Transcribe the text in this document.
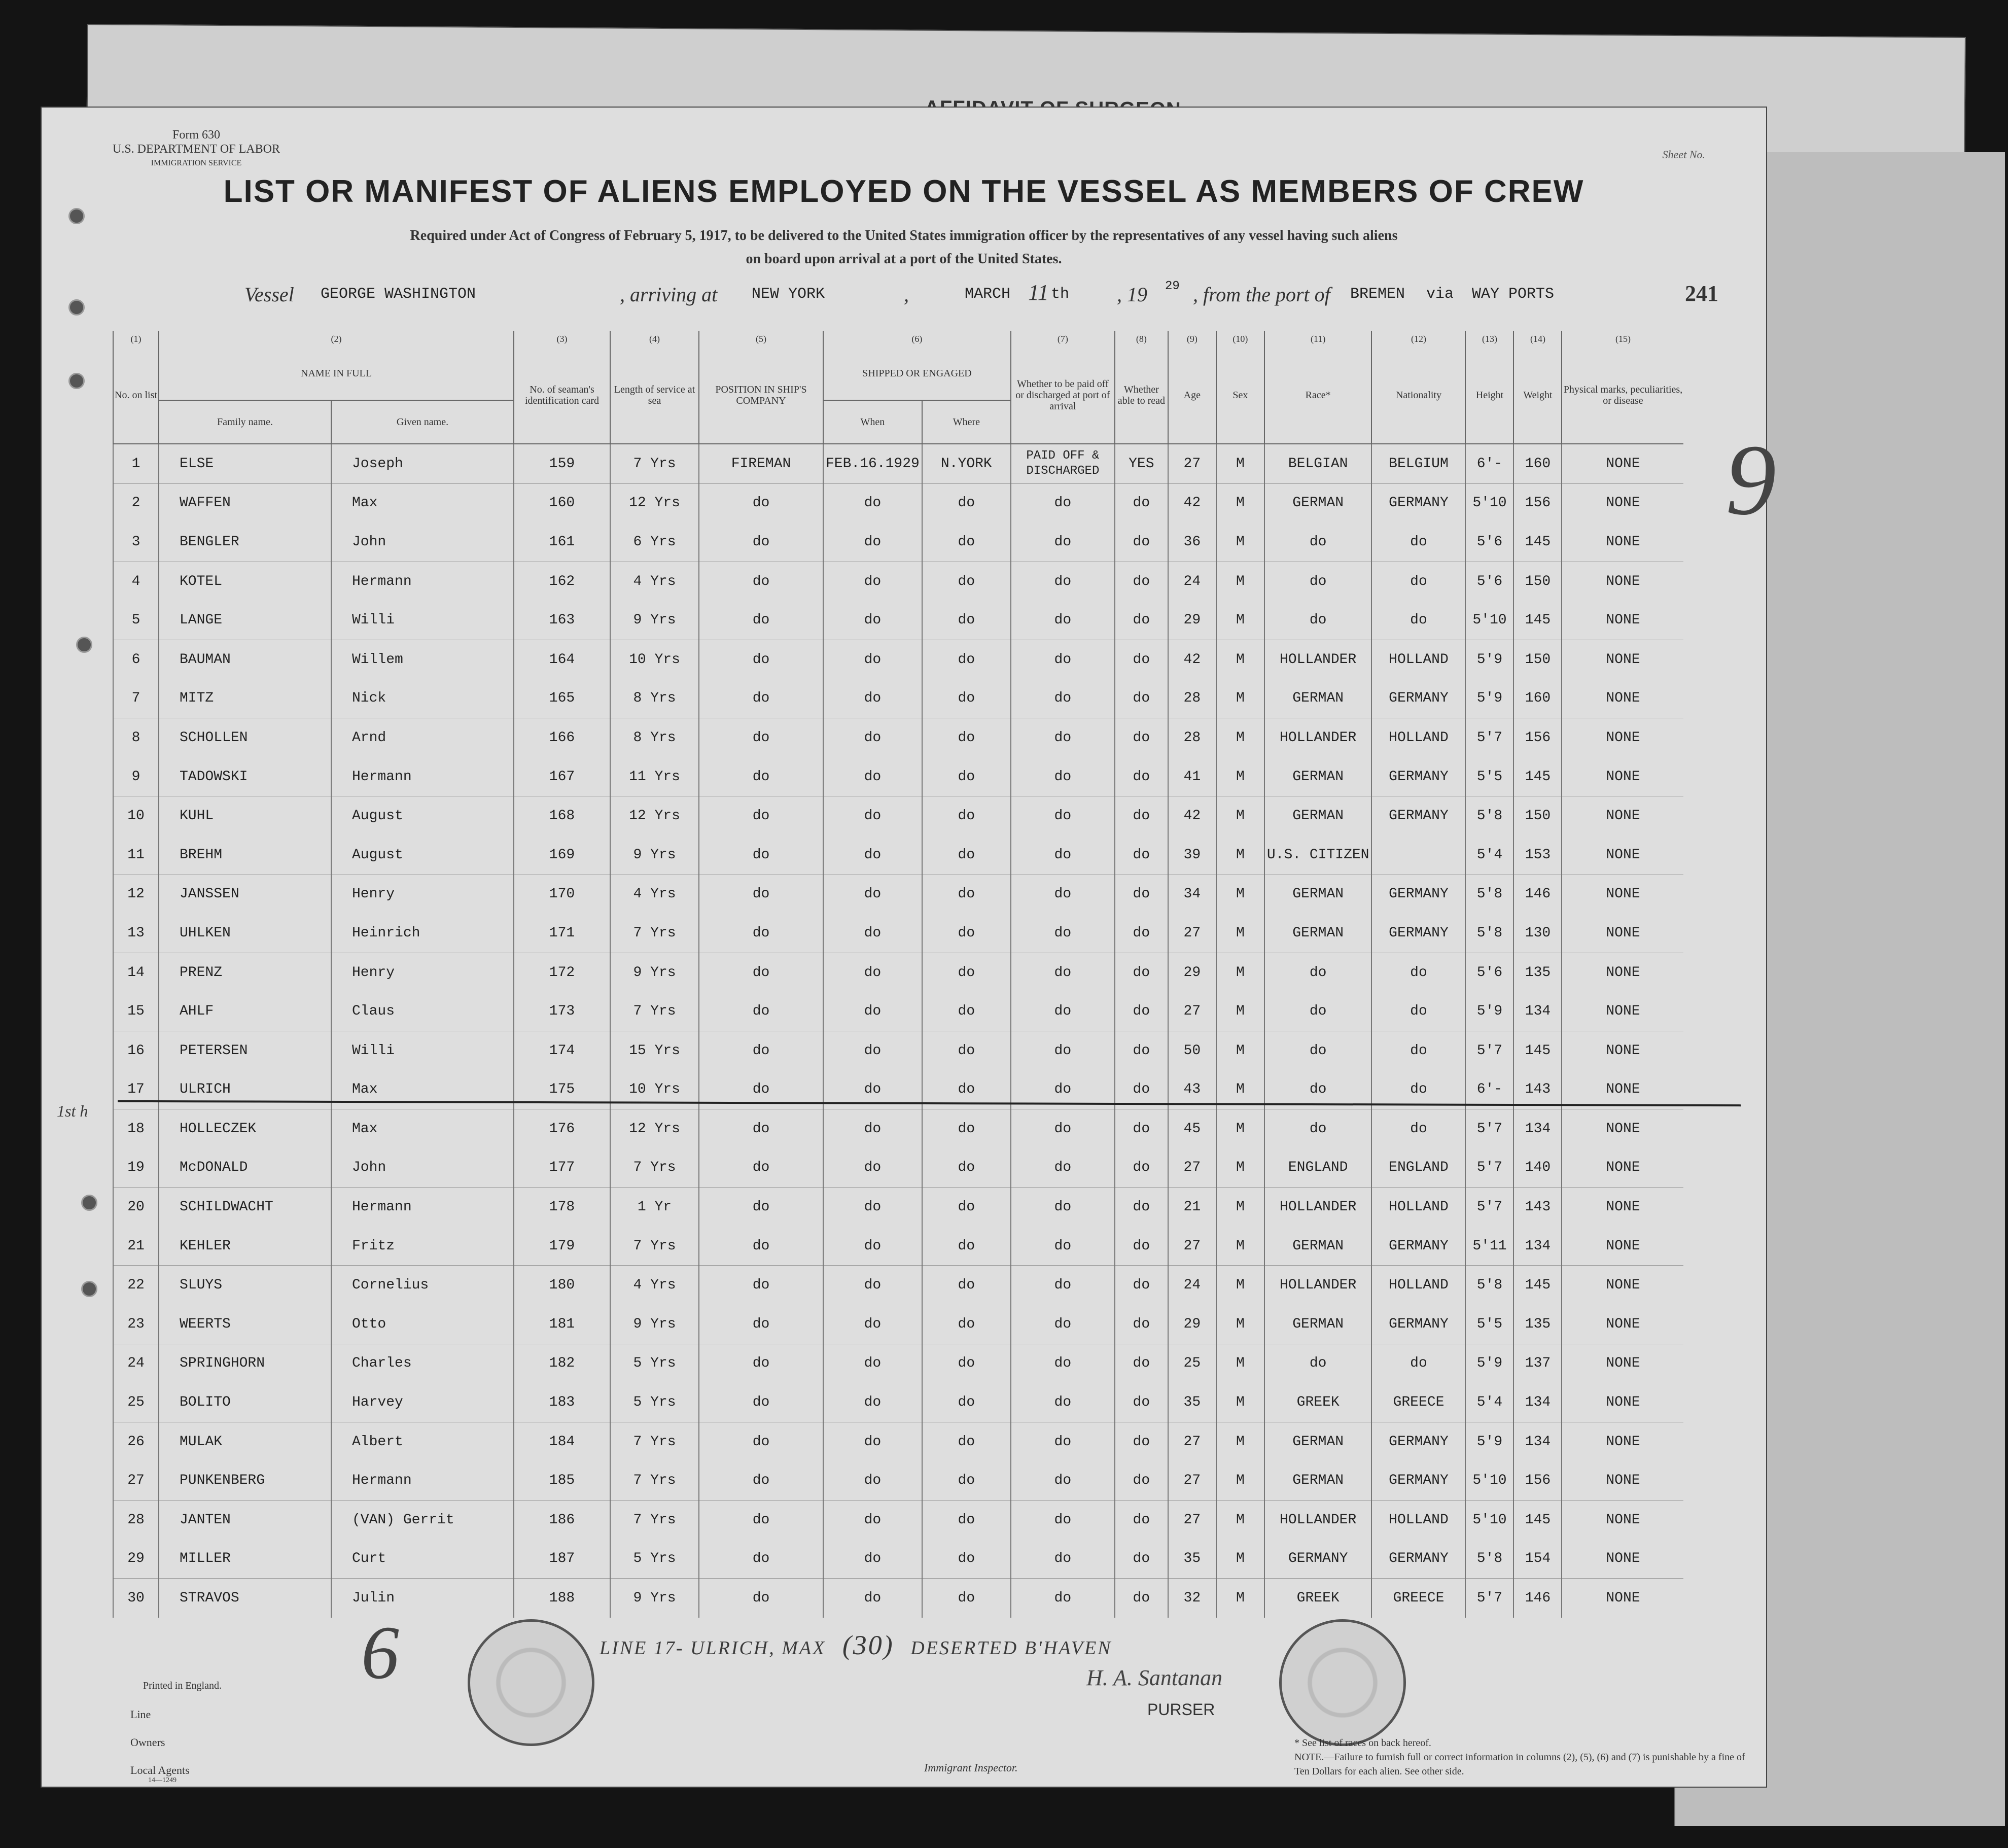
Form 630
U.S. DEPARTMENT OF LABOR
IMMIGRATION SERVICE
Sheet No.
LIST OR MANIFEST OF ALIENS EMPLOYED ON THE VESSEL AS MEMBERS OF CREW
Required under Act of Congress of February 5, 1917, to be delivered to the United States immigration officer by the representatives of any vessel having such aliens
on board upon arrival at a port of the United States.
Vessel GEORGE WASHINGTON	, arriving at NEW YORK	,	MARCH 11 th , 19 29 , from the port of BREMEN via WAY PORTS	241
(1)	(2)		(3)	(4)	(5)	(6)		(7)	(8)	(9)	(10)	(11)	(12)	(13)	(14)	(15)
No. on list	NAME IN FULL		No. of seaman's identification card	Length of service at sea	POSITION IN SHIP'S COMPANY	SHIPPED OR ENGAGED		Whether to be paid off or discharged at port of arrival	Whether able to read	Age	Sex	Race*	Nationality	Height	Weight	Physical marks, peculiarities, or disease
	Family name.	Given name.				When	Where									
1	ELSE	Joseph	159	7 Yrs	FIREMAN	FEB.16.1929	N.YORK	PAID OFF & DISCHARGED	YES	27	M	BELGIAN	BELGIUM	6'-	160	NONE
2	WAFFEN	Max	160	12 Yrs	do	do	do	do	do	42	M	GERMAN	GERMANY	5'10	156	NONE
3	BENGLER	John	161	6 Yrs	do	do	do	do	do	36	M	do	do	5'6	145	NONE
4	KOTEL	Hermann	162	4 Yrs	do	do	do	do	do	24	M	do	do	5'6	150	NONE
5	LANGE	Willi	163	9 Yrs	do	do	do	do	do	29	M	do	do	5'10	145	NONE
6	BAUMAN	Willem	164	10 Yrs	do	do	do	do	do	42	M	HOLLANDER	HOLLAND	5'9	150	NONE
7	MITZ	Nick	165	8 Yrs	do	do	do	do	do	28	M	GERMAN	GERMANY	5'9	160	NONE
8	SCHOLLEN	Arnd	166	8 Yrs	do	do	do	do	do	28	M	HOLLANDER	HOLLAND	5'7	156	NONE
9	TADOWSKI	Hermann	167	11 Yrs	do	do	do	do	do	41	M	GERMAN	GERMANY	5'5	145	NONE
10	KUHL	August	168	12 Yrs	do	do	do	do	do	42	M	GERMAN	GERMANY	5'8	150	NONE
11	BREHM	August	169	9 Yrs	do	do	do	do	do	39	M	U.S. CITIZEN		5'4	153	NONE
12	JANSSEN	Henry	170	4 Yrs	do	do	do	do	do	34	M	GERMAN	GERMANY	5'8	146	NONE
13	UHLKEN	Heinrich	171	7 Yrs	do	do	do	do	do	27	M	GERMAN	GERMANY	5'8	130	NONE
14	PRENZ	Henry	172	9 Yrs	do	do	do	do	do	29	M	do	do	5'6	135	NONE
15	AHLF	Claus	173	7 Yrs	do	do	do	do	do	27	M	do	do	5'9	134	NONE
16	PETERSEN	Willi	174	15 Yrs	do	do	do	do	do	50	M	do	do	5'7	145	NONE
17	ULRICH	Max	175	10 Yrs	do	do	do	do	do	43	M	do	do	6'-	143	NONE
18	HOLLECZEK	Max	176	12 Yrs	do	do	do	do	do	45	M	do	do	5'7	134	NONE
19	McDONALD	John	177	7 Yrs	do	do	do	do	do	27	M	ENGLAND	ENGLAND	5'7	140	NONE
20	SCHILDWACHT	Hermann	178	1 Yr	do	do	do	do	do	21	M	HOLLANDER	HOLLAND	5'7	143	NONE
21	KEHLER	Fritz	179	7 Yrs	do	do	do	do	do	27	M	GERMAN	GERMANY	5'11	134	NONE
22	SLUYS	Cornelius	180	4 Yrs	do	do	do	do	do	24	M	HOLLANDER	HOLLAND	5'8	145	NONE
23	WEERTS	Otto	181	9 Yrs	do	do	do	do	do	29	M	GERMAN	GERMANY	5'5	135	NONE
24	SPRINGHORN	Charles	182	5 Yrs	do	do	do	do	do	25	M	do	do	5'9	137	NONE
25	BOLITO	Harvey	183	5 Yrs	do	do	do	do	do	35	M	GREEK	GREECE	5'4	134	NONE
26	MULAK	Albert	184	7 Yrs	do	do	do	do	do	27	M	GERMAN	GERMANY	5'9	134	NONE
27	PUNKENBERG	Hermann	185	7 Yrs	do	do	do	do	do	27	M	GERMAN	GERMANY	5'10	156	NONE
28	JANTEN	(VAN) Gerrit	186	7 Yrs	do	do	do	do	do	27	M	HOLLANDER	HOLLAND	5'10	145	NONE
29	MILLER	Curt	187	5 Yrs	do	do	do	do	do	35	M	GERMANY	GERMANY	5'8	154	NONE
30	STRAVOS	Julin	188	9 Yrs	do	do	do	do	do	32	M	GREEK	GREECE	5'7	146	NONE
LINE 17- ULRICH, MAX (30) DESERTED B'HAVEN
6
9
1st h
Printed in England.
Line
Owners
Local Agents
14—1249
Immigrant Inspector.
H. A. Santanan
PURSER
* See list of races on back hereof.
NOTE.—Failure to furnish full or correct information in columns (2), (5), (6) and (7) is punishable by a fine of Ten Dollars for each alien. See other side.
